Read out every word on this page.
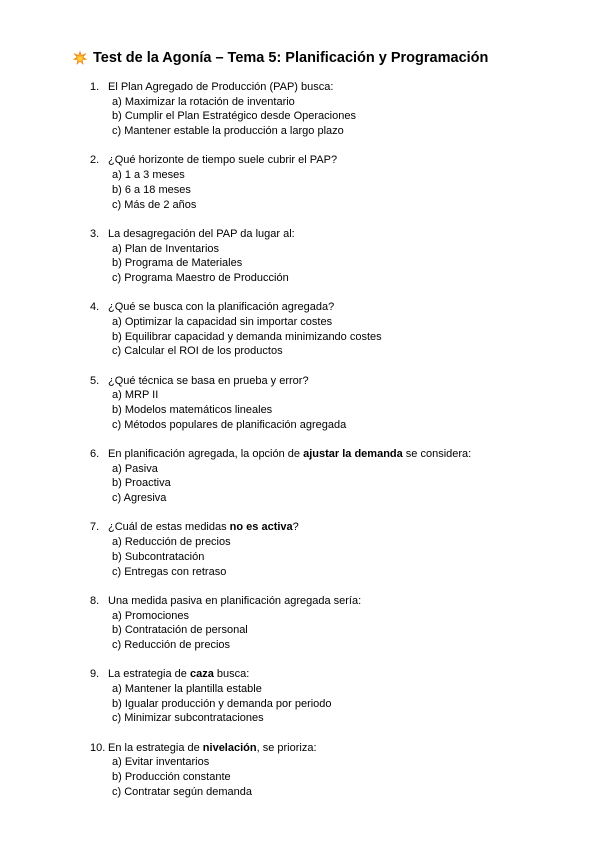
Test de la Agonía – Tema 5: Planificación y Programación
1. El Plan Agregado de Producción (PAP) busca:
a) Maximizar la rotación de inventario
b) Cumplir el Plan Estratégico desde Operaciones
c) Mantener estable la producción a largo plazo
2. ¿Qué horizonte de tiempo suele cubrir el PAP?
a) 1 a 3 meses
b) 6 a 18 meses
c) Más de 2 años
3. La desagregación del PAP da lugar al:
a) Plan de Inventarios
b) Programa de Materiales
c) Programa Maestro de Producción
4. ¿Qué se busca con la planificación agregada?
a) Optimizar la capacidad sin importar costes
b) Equilibrar capacidad y demanda minimizando costes
c) Calcular el ROI de los productos
5. ¿Qué técnica se basa en prueba y error?
a) MRP II
b) Modelos matemáticos lineales
c) Métodos populares de planificación agregada
6. En planificación agregada, la opción de ajustar la demanda se considera:
a) Pasiva
b) Proactiva
c) Agresiva
7. ¿Cuál de estas medidas no es activa?
a) Reducción de precios
b) Subcontratación
c) Entregas con retraso
8. Una medida pasiva en planificación agregada sería:
a) Promociones
b) Contratación de personal
c) Reducción de precios
9. La estrategia de caza busca:
a) Mantener la plantilla estable
b) Igualar producción y demanda por periodo
c) Minimizar subcontrataciones
10. En la estrategia de nivelación, se prioriza:
a) Evitar inventarios
b) Producción constante
c) Contratar según demanda
